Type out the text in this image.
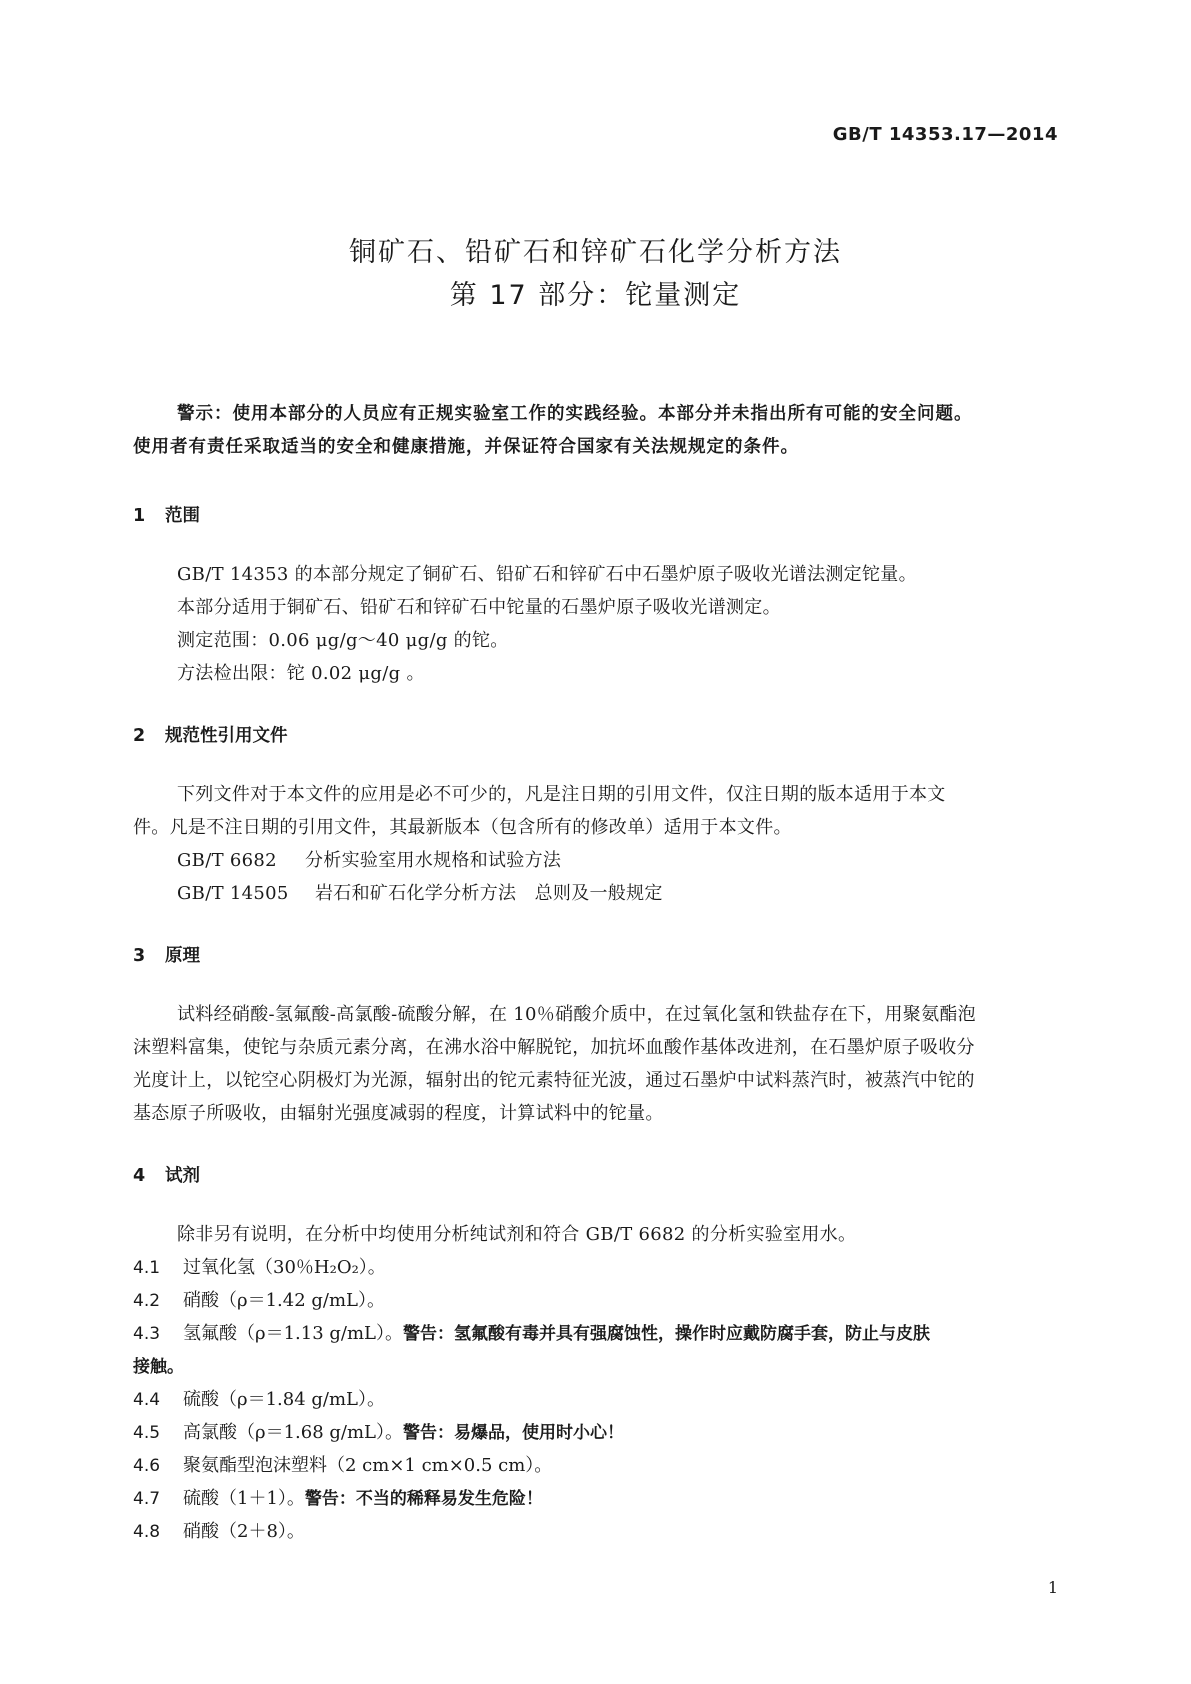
GB/T 14353.17—2014
铜矿石、铅矿石和锌矿石化学分析方法
第 17 部分：铊量测定

警示：使用本部分的人员应有正规实验室工作的实践经验。本部分并未指出所有可能的安全问题。

使用者有责任采取适当的安全和健康措施，并保证符合国家有关法规规定的条件。

1 范围

GB/T 14353 的本部分规定了铜矿石、铅矿石和锌矿石中石墨炉原子吸收光谱法测定铊量。

本部分适用于铜矿石、铅矿石和锌矿石中铊量的石墨炉原子吸收光谱测定。

测定范围：0.06 μg/g～40 μg/g 的铊。

方法检出限：铊 0.02 μg/g 。

2 规范性引用文件

下列文件对于本文件的应用是必不可少的，凡是注日期的引用文件，仅注日期的版本适用于本文

件。凡是不注日期的引用文件，其最新版本（包含所有的修改单）适用于本文件。

GB/T 6682 分析实验室用水规格和试验方法

GB/T 14505 岩石和矿石化学分析方法　总则及一般规定

3 原理

试料经硝酸-氢氟酸-高氯酸-硫酸分解，在 10％硝酸介质中，在过氧化氢和铁盐存在下，用聚氨酯泡

沫塑料富集，使铊与杂质元素分离，在沸水浴中解脱铊，加抗坏血酸作基体改进剂，在石墨炉原子吸收分

光度计上，以铊空心阴极灯为光源，辐射出的铊元素特征光波，通过石墨炉中试料蒸汽时，被蒸汽中铊的

基态原子所吸收，由辐射光强度减弱的程度，计算试料中的铊量。

4 试剂

除非另有说明，在分析中均使用分析纯试剂和符合 GB/T 6682 的分析实验室用水。

4.1 过氧化氢（30％H₂O₂）。
4.2 硝酸（ρ＝1.42 g/mL）。
4.3 氢氟酸（ρ＝1.13 g/mL）。警告：氢氟酸有毒并具有强腐蚀性，操作时应戴防腐手套，防止与皮肤
接触。
4.4 硫酸（ρ＝1.84 g/mL）。
4.5 高氯酸（ρ＝1.68 g/mL）。警告：易爆品，使用时小心！
4.6 聚氨酯型泡沫塑料（2 cm×1 cm×0.5 cm）。
4.7 硫酸（1＋1）。警告：不当的稀释易发生危险！
4.8 硝酸（2＋8）。
1
